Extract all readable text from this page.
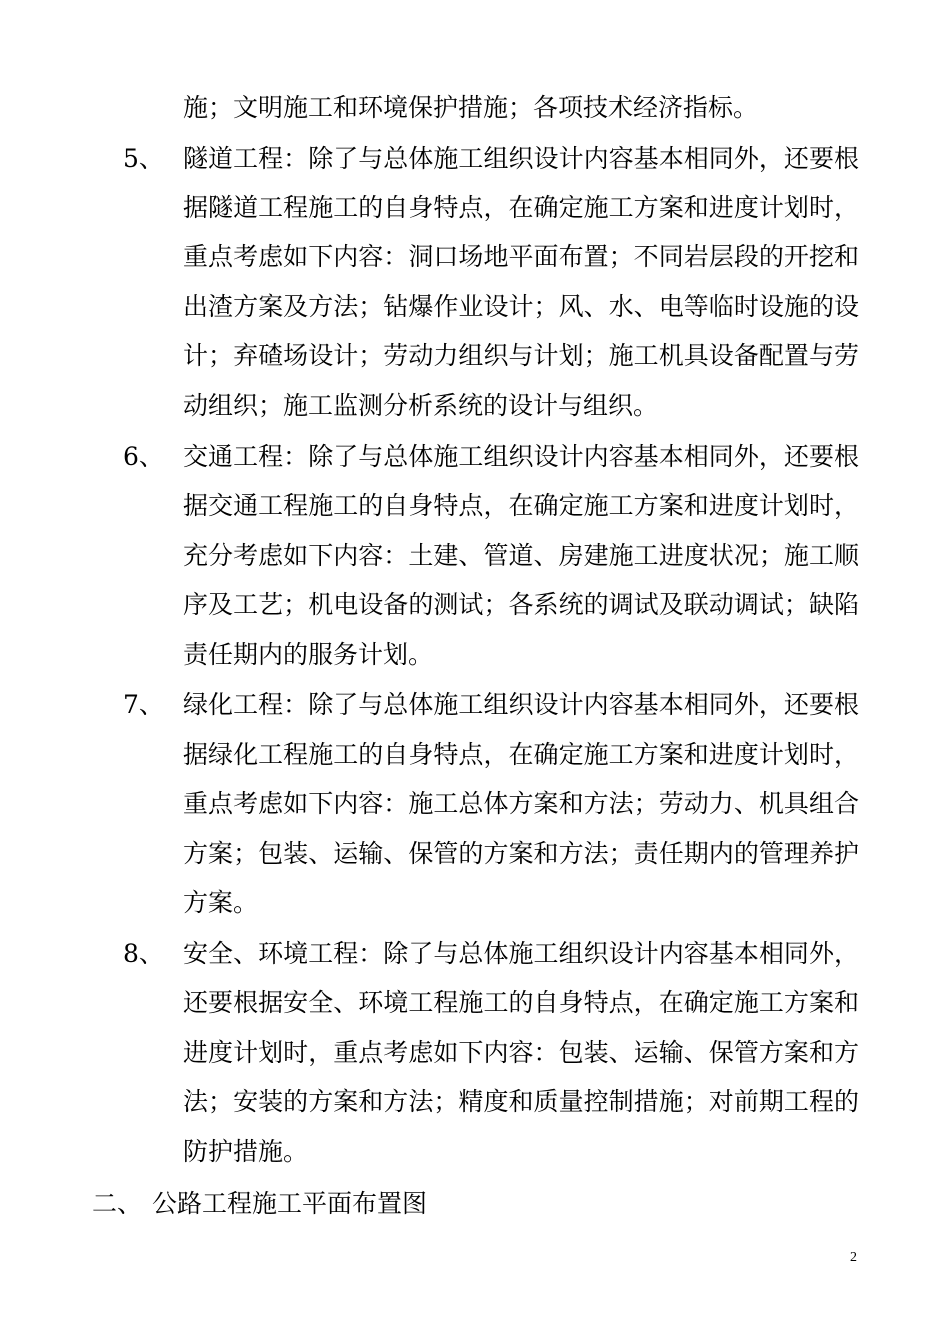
施；文明施工和环境保护措施；各项技术经济指标。
5、 隧道工程：除了与总体施工组织设计内容基本相同外，还要根
据隧道工程施工的自身特点，在确定施工方案和进度计划时，
重点考虑如下内容：洞口场地平面布置；不同岩层段的开挖和
出渣方案及方法；钻爆作业设计；风、水、电等临时设施的设
计；弃碴场设计；劳动力组织与计划；施工机具设备配置与劳
动组织；施工监测分析系统的设计与组织。
6、 交通工程：除了与总体施工组织设计内容基本相同外，还要根
据交通工程施工的自身特点，在确定施工方案和进度计划时，
充分考虑如下内容：土建、管道、房建施工进度状况；施工顺
序及工艺；机电设备的测试；各系统的调试及联动调试；缺陷
责任期内的服务计划。
7、 绿化工程：除了与总体施工组织设计内容基本相同外，还要根
据绿化工程施工的自身特点，在确定施工方案和进度计划时，
重点考虑如下内容：施工总体方案和方法；劳动力、机具组合
方案；包装、运输、保管的方案和方法；责任期内的管理养护
方案。
8、 安全、环境工程：除了与总体施工组织设计内容基本相同外，
还要根据安全、环境工程施工的自身特点，在确定施工方案和
进度计划时，重点考虑如下内容：包装、运输、保管方案和方
法；安装的方案和方法；精度和质量控制措施；对前期工程的
防护措施。
二、 公路工程施工平面布置图
2
